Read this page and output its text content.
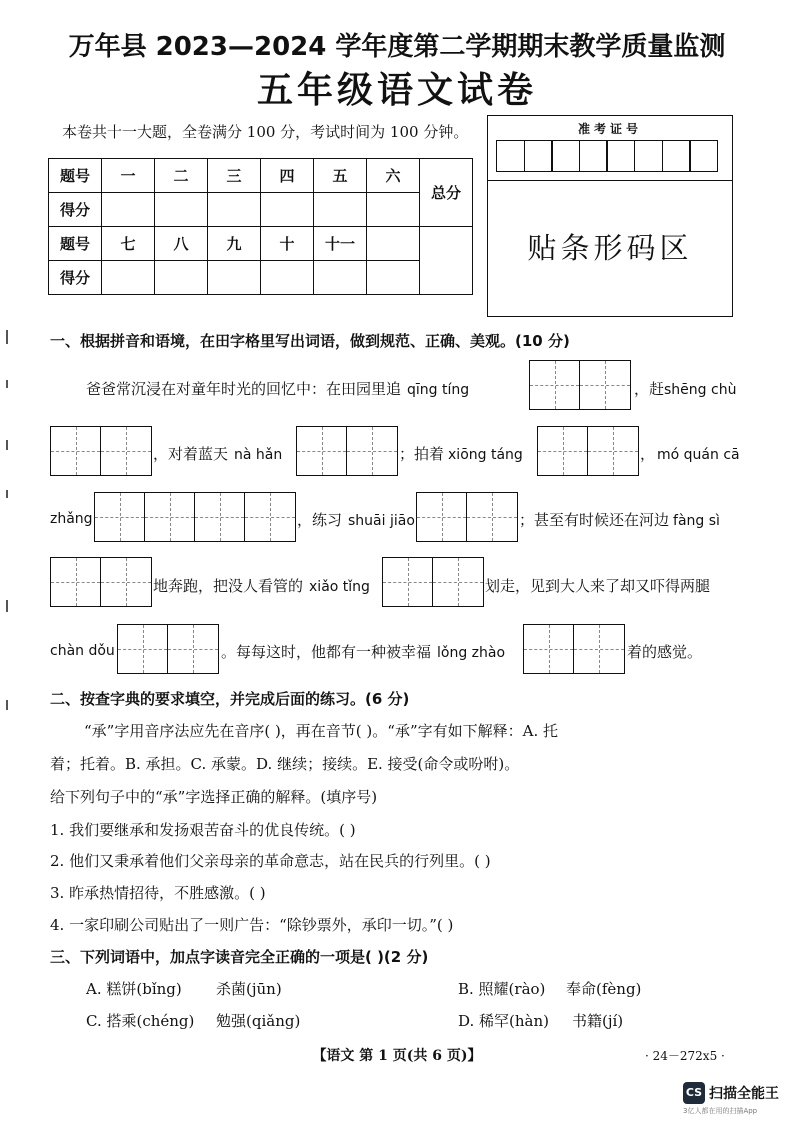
万年县 2023—2024 学年度第二学期期末教学质量监测
五年级语文试卷
本卷共十一大题，全卷满分 100 分，考试时间为 100 分钟。
题号	一	二	三	四	五	六	总分
得分							
题号	七	八	九	十	十一		
得分							
准考证号
贴条形码区
一、根据拼音和语境，在田字格里写出词语，做到规范、正确、美观。(10 分)
爸爸常沉浸在对童年时光的回忆中：在田园里追 qīng tíng	，赶shēng chù
，对着蓝天 nà hǎn	；拍着 xiōng táng	， mó quán cā
zhǎng	，练习 shuāi jiāo	；甚至有时候还在河边 fàng sì
地奔跑，把没人看管的 xiǎo tǐng	划走，见到大人来了却又吓得两腿
chàn dǒu	。每每这时，他都有一种被幸福 lǒng zhào	着的感觉。
二、按查字典的要求填空，并完成后面的练习。(6 分)
“承”字用音序法应先在音序( )，再在音节( )。“承”字有如下解释：A. 托
着；托着。B. 承担。C. 承蒙。D. 继续；接续。E. 接受(命令或吩咐)。
给下列句子中的“承”字选择正确的解释。(填序号)
1. 我们要继承和发扬艰苦奋斗的优良传统。( )
2. 他们又秉承着他们父亲母亲的革命意志，站在民兵的行列里。( )
3. 昨承热情招待，不胜感激。( )
4. 一家印刷公司贴出了一则广告：“除钞票外，承印一切。”( )
三、下列词语中，加点字读音完全正确的一项是( )(2 分)
A. 糕饼(bǐng) 杀菌(jūn)	B. 照耀(rào) 奉命(fèng)
C. 搭乘(chéng) 勉强(qiǎng)	D. 稀罕(hàn) 书籍(jí)
【语文 第 1 页(共 6 页)】	· 24－272x5 ·
CS 扫描全能王
3亿人都在用的扫描App
